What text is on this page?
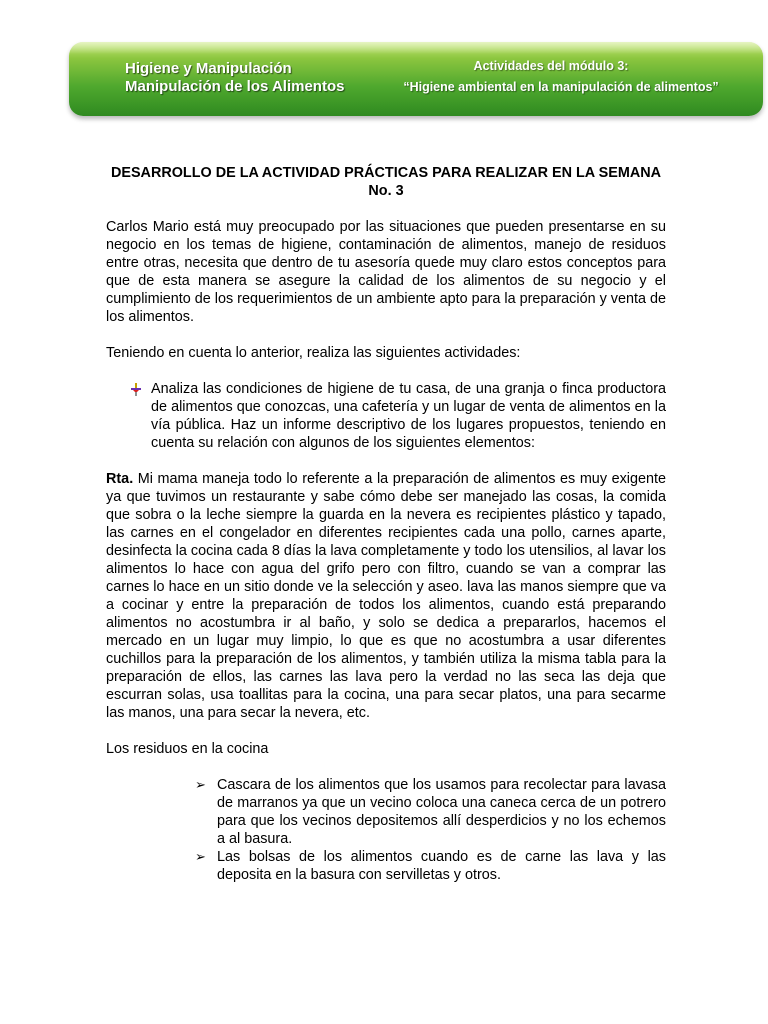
Higiene y Manipulación
Manipulación de los Alimentos
Actividades del módulo 3:
“Higiene ambiental en la manipulación de alimentos”
DESARROLLO DE LA ACTIVIDAD PRÁCTICAS PARA REALIZAR EN LA SEMANA No. 3

Carlos Mario está muy preocupado por las situaciones que pueden presentarse en su negocio en los temas de higiene, contaminación de alimentos, manejo de residuos entre otras, necesita que dentro de tu asesoría quede muy claro estos conceptos para que de esta manera se asegure la calidad de los alimentos de su negocio y el cumplimiento de los requerimientos de un ambiente apto para la preparación y venta de los alimentos.

Teniendo en cuenta lo anterior, realiza las siguientes actividades:

Analiza las condiciones de higiene de tu casa, de una granja o finca productora de alimentos que conozcas, una cafetería y un lugar de venta de alimentos en la vía pública. Haz un informe descriptivo de los lugares propuestos, teniendo en cuenta su relación con algunos de los siguientes elementos:

Rta. Mi mama maneja todo lo referente a la preparación de alimentos es muy exigente ya que tuvimos un restaurante y sabe cómo debe ser manejado las cosas, la comida que sobra o la leche siempre la guarda en la nevera es recipientes plástico y tapado, las carnes en el congelador en diferentes recipientes cada una pollo, carnes aparte, desinfecta la cocina cada 8 días la lava completamente y todo los utensilios, al lavar los alimentos lo hace con agua del grifo pero con filtro, cuando se van a comprar las carnes lo hace en un sitio donde ve la selección y aseo. lava las manos siempre que va a cocinar y entre la preparación de todos los alimentos, cuando está preparando alimentos no acostumbra ir al baño, y solo se dedica a prepararlos, hacemos el mercado en un lugar muy limpio, lo que es que no acostumbra a usar diferentes cuchillos para la preparación de los alimentos, y también utiliza la misma tabla para la preparación de ellos, las carnes las lava pero la verdad no las seca las deja que escurran solas, usa toallitas para la cocina, una para secar platos, una para secarme las manos, una para secar la nevera, etc.

Los residuos en la cocina

➢ Cascara de los alimentos que los usamos para recolectar para lavasa de marranos ya que un vecino coloca una caneca cerca de un potrero para que los vecinos depositemos allí desperdicios y no los echemos a al basura.
➢ Las bolsas de los alimentos cuando es de carne las lava y las deposita en la basura con servilletas y otros.
